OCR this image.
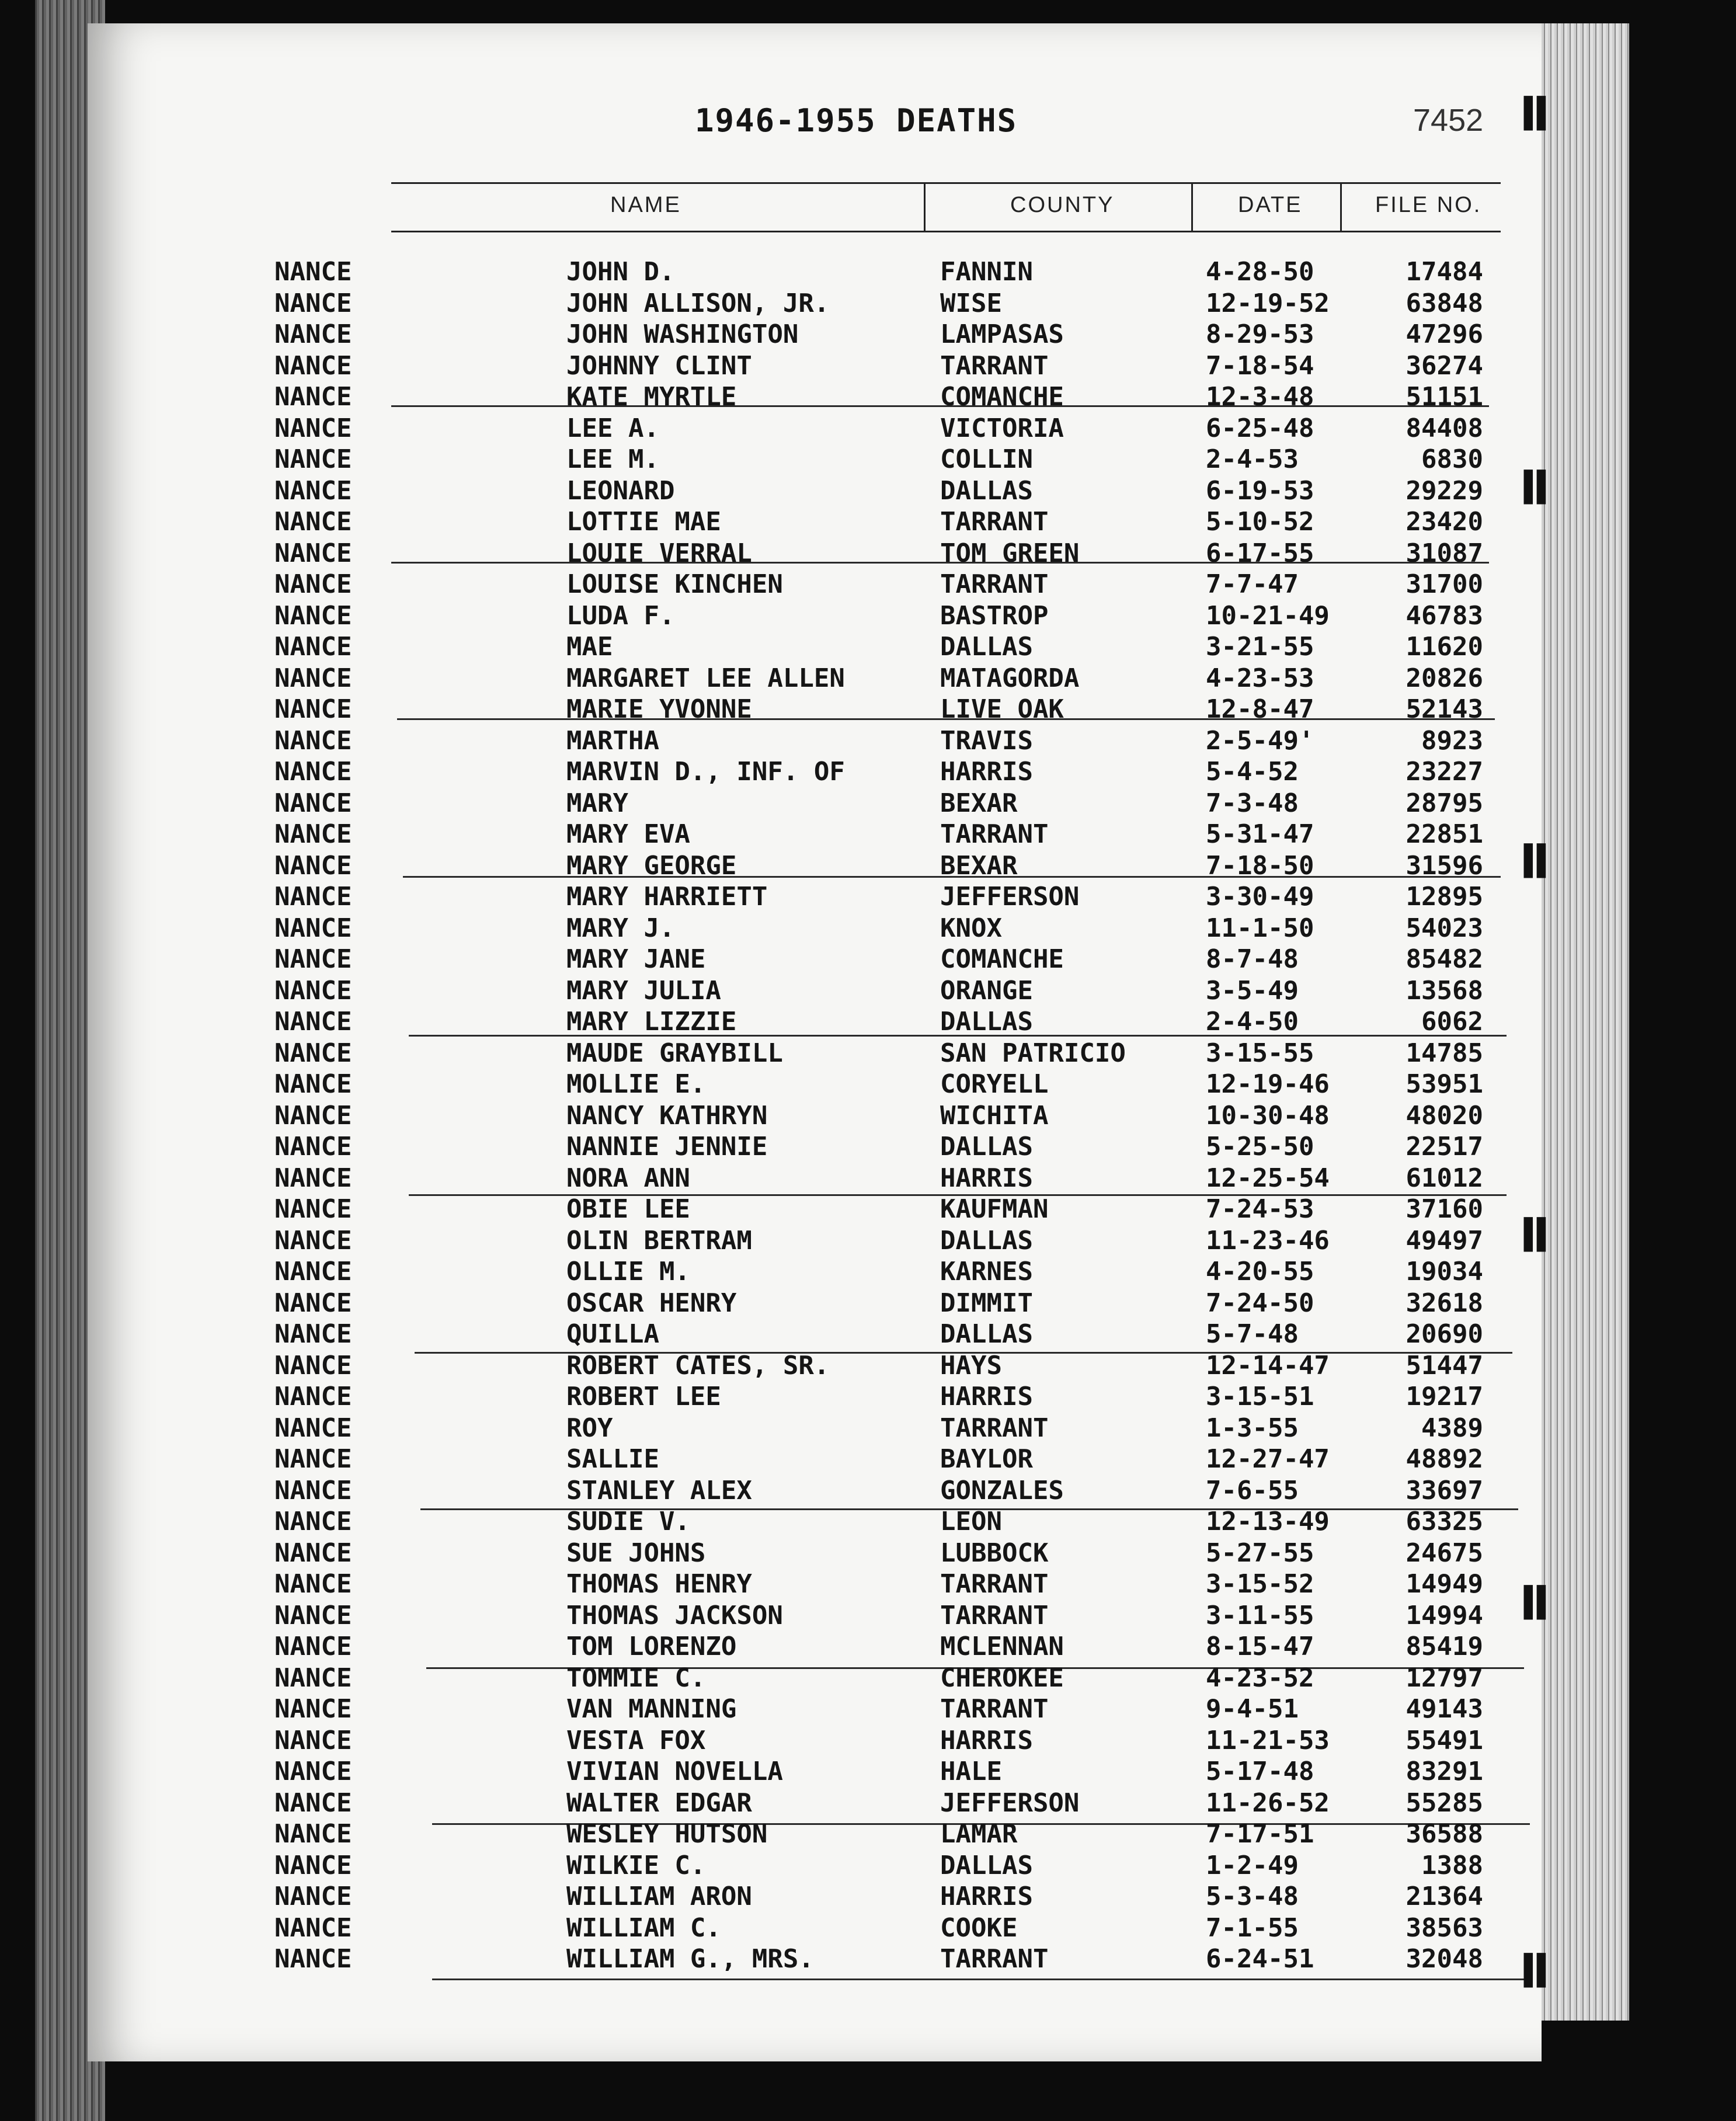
1946-1955 DEATHS	7452
NAME	COUNTY	DATE	FILE NO.
NANCE	JOHN D.	FANNIN	4-28-50	17484
NANCE	JOHN ALLISON, JR.	WISE	12-19-52	63848
NANCE	JOHN WASHINGTON	LAMPASAS	8-29-53	47296
NANCE	JOHNNY CLINT	TARRANT	7-18-54	36274
NANCE	KATE MYRTLE	COMANCHE	12-3-48	51151
NANCE	LEE A.	VICTORIA	6-25-48	84408
NANCE	LEE M.	COLLIN	2-4-53	6830
NANCE	LEONARD	DALLAS	6-19-53	29229
NANCE	LOTTIE MAE	TARRANT	5-10-52	23420
NANCE	LOUIE VERRAL	TOM GREEN	6-17-55	31087
NANCE	LOUISE KINCHEN	TARRANT	7-7-47	31700
NANCE	LUDA F.	BASTROP	10-21-49	46783
NANCE	MAE	DALLAS	3-21-55	11620
NANCE	MARGARET LEE ALLEN	MATAGORDA	4-23-53	20826
NANCE	MARIE YVONNE	LIVE OAK	12-8-47	52143
NANCE	MARTHA	TRAVIS	2-5-49'	8923
NANCE	MARVIN D., INF. OF	HARRIS	5-4-52	23227
NANCE	MARY	BEXAR	7-3-48	28795
NANCE	MARY EVA	TARRANT	5-31-47	22851
NANCE	MARY GEORGE	BEXAR	7-18-50	31596
NANCE	MARY HARRIETT	JEFFERSON	3-30-49	12895
NANCE	MARY J.	KNOX	11-1-50	54023
NANCE	MARY JANE	COMANCHE	8-7-48	85482
NANCE	MARY JULIA	ORANGE	3-5-49	13568
NANCE	MARY LIZZIE	DALLAS	2-4-50	6062
NANCE	MAUDE GRAYBILL	SAN PATRICIO	3-15-55	14785
NANCE	MOLLIE E.	CORYELL	12-19-46	53951
NANCE	NANCY KATHRYN	WICHITA	10-30-48	48020
NANCE	NANNIE JENNIE	DALLAS	5-25-50	22517
NANCE	NORA ANN	HARRIS	12-25-54	61012
NANCE	OBIE LEE	KAUFMAN	7-24-53	37160
NANCE	OLIN BERTRAM	DALLAS	11-23-46	49497
NANCE	OLLIE M.	KARNES	4-20-55	19034
NANCE	OSCAR HENRY	DIMMIT	7-24-50	32618
NANCE	QUILLA	DALLAS	5-7-48	20690
NANCE	ROBERT CATES, SR.	HAYS	12-14-47	51447
NANCE	ROBERT LEE	HARRIS	3-15-51	19217
NANCE	ROY	TARRANT	1-3-55	4389
NANCE	SALLIE	BAYLOR	12-27-47	48892
NANCE	STANLEY ALEX	GONZALES	7-6-55	33697
NANCE	SUDIE V.	LEON	12-13-49	63325
NANCE	SUE JOHNS	LUBBOCK	5-27-55	24675
NANCE	THOMAS HENRY	TARRANT	3-15-52	14949
NANCE	THOMAS JACKSON	TARRANT	3-11-55	14994
NANCE	TOM LORENZO	MCLENNAN	8-15-47	85419
NANCE	TOMMIE C.	CHEROKEE	4-23-52	12797
NANCE	VAN MANNING	TARRANT	9-4-51	49143
NANCE	VESTA FOX	HARRIS	11-21-53	55491
NANCE	VIVIAN NOVELLA	HALE	5-17-48	83291
NANCE	WALTER EDGAR	JEFFERSON	11-26-52	55285
NANCE	WESLEY HUTSON	LAMAR	7-17-51	36588
NANCE	WILKIE C.	DALLAS	1-2-49	1388
NANCE	WILLIAM ARON	HARRIS	5-3-48	21364
NANCE	WILLIAM C.	COOKE	7-1-55	38563
NANCE	WILLIAM G., MRS.	TARRANT	6-24-51	32048
▌▌
▌▌
▌▌
▌▌
▌▌
▌▌
